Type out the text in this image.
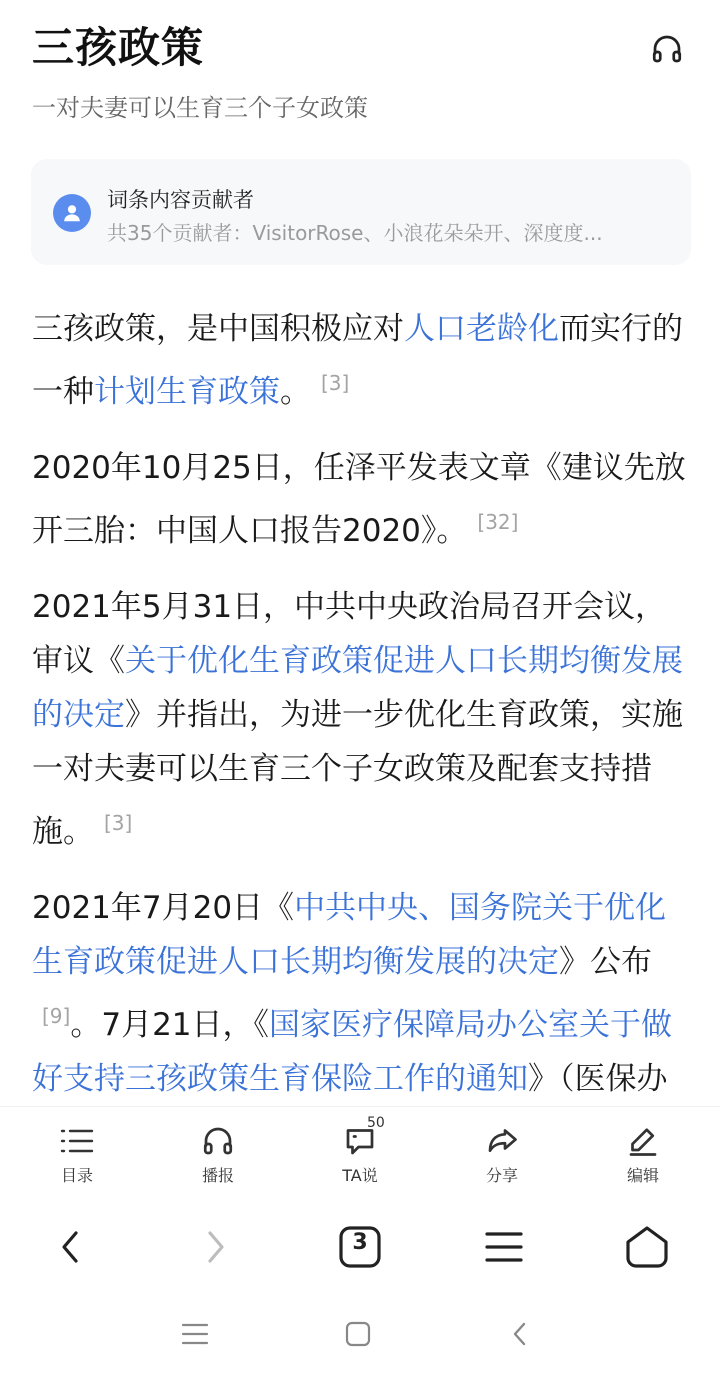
三孩政策
一对夫妻可以生育三个子女政策
词条内容贡献者
共35个贡献者：VisitorRose、小浪花朵朵开、深度度...

三孩政策，是中国积极应对人口老龄化而实行的一种计划生育政策。 [3]

2020年10月25日，任泽平发表文章《建议先放开三胎：中国人口报告2020》。 [32]

2021年5月31日，中共中央政治局召开会议，审议《关于优化生育政策促进人口长期均衡发展的决定》并指出，为进一步优化生育政策，实施一对夫妻可以生育三个子女政策及配套支持措施。 [3]

2021年7月20日《中共中央、国务院关于优化生育政策促进人口长期均衡发展的决定》公布[9]。7月21日，《国家医疗保障局办公室关于做好支持三孩政策生育保险工作的通知》（医保办

目录	播报
50
TA说	分享	编辑
3
